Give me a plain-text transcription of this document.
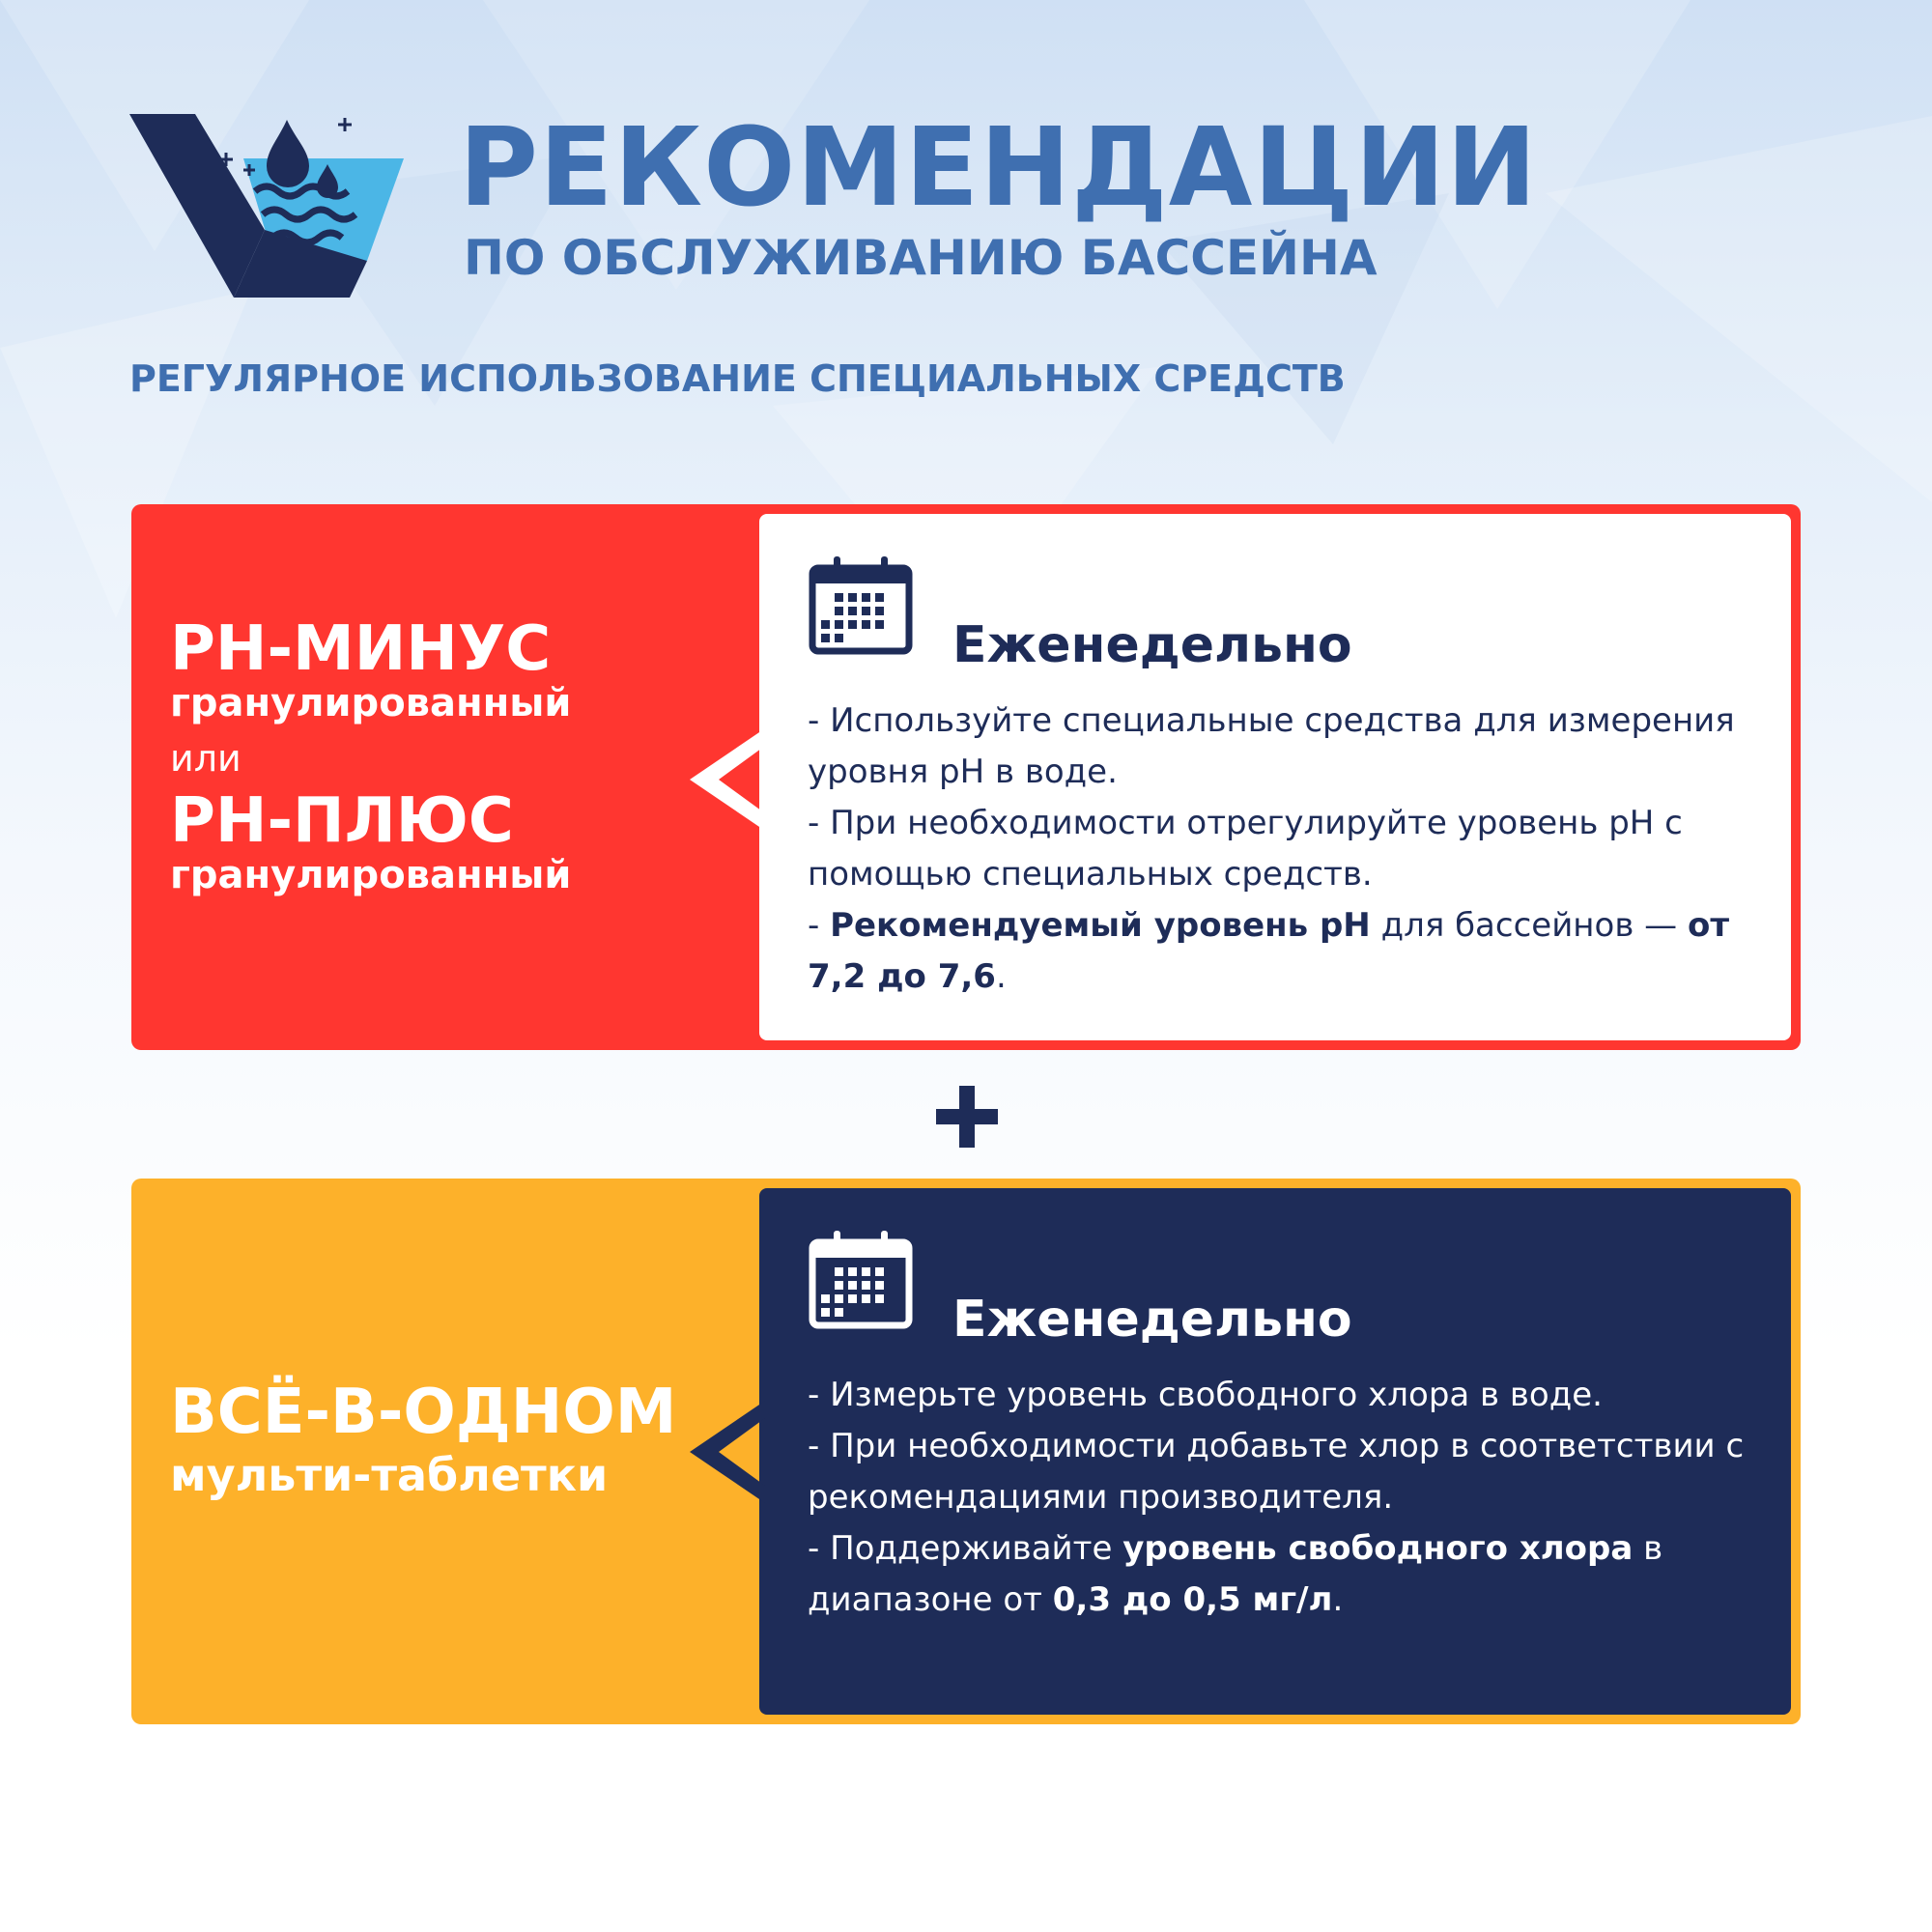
РЕКОМЕНДАЦИИ
ПО ОБСЛУЖИВАНИЮ БАССЕЙНА
РЕГУЛЯРНОЕ ИСПОЛЬЗОВАНИЕ СПЕЦИАЛЬНЫХ СРЕДСТВ
PH-МИНУС
гранулированный
или
PH-ПЛЮС
гранулированный
Еженедельно

- Используйте специальные средства для измерения уровня pH в воде.

- При необходимости отрегулируйте уровень pH с помощью специальных средств.

- Рекомендуемый уровень pH для бассейнов — от 7,2 до 7,6.

ВСЁ-В-ОДНОМ
мульти-таблетки
Еженедельно

- Измерьте уровень свободного хлора в воде.

- При необходимости добавьте хлор в соответствии с рекомендациями производителя.

- Поддерживайте уровень свободного хлора в диапазоне от 0,3 до 0,5 мг/л.
